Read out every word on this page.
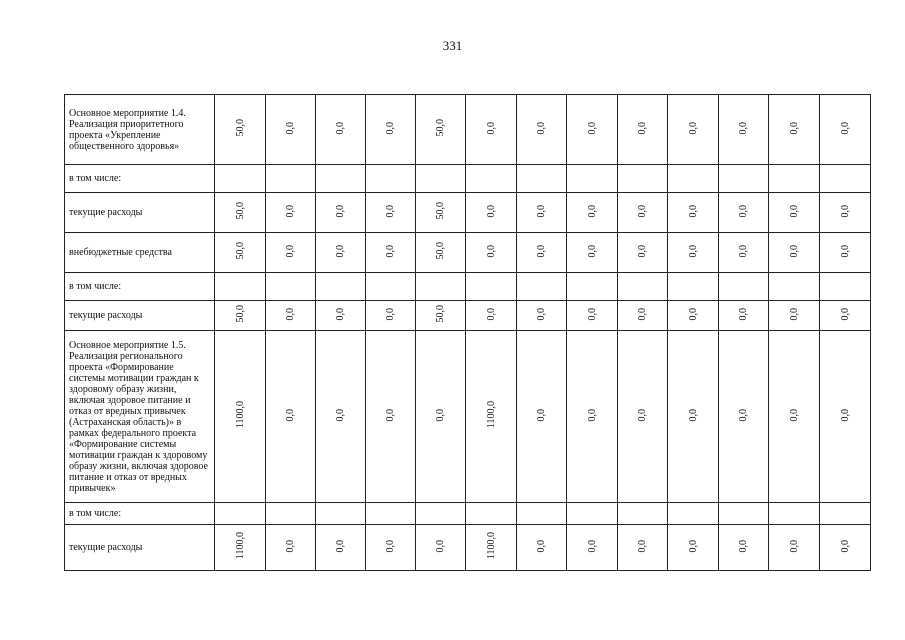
331
Основное мероприятие 1.4. Реализация приоритетного проекта «Укрепление общественного здоровья»	50,0	0,0	0,0	0,0	50,0	0,0	0,0	0,0	0,0	0,0	0,0	0,0	0,0
в том числе:													
текущие расходы	50,0	0,0	0,0	0,0	50,0	0,0	0,0	0,0	0,0	0,0	0,0	0,0	0,0
внебюджетные средства	50,0	0,0	0,0	0,0	50,0	0,0	0,0	0,0	0,0	0,0	0,0	0,0	0,0
в том числе:													
текущие расходы	50,0	0,0	0,0	0,0	50,0	0,0	0,0	0,0	0,0	0,0	0,0	0,0	0,0
Основное мероприятие 1.5. Реализация регионального проекта «Формирование системы мотивации граждан к здоровому образу жизни, включая здоровое питание и отказ от вредных привычек (Астраханская область)» в рамках федерального проекта «Формирование системы мотивации граждан к здоровому образу жизни, включая здоровое питание и отказ от вредных привычек»	1100,0	0,0	0,0	0,0	0,0	1100,0	0,0	0,0	0,0	0,0	0,0	0,0	0,0
в том числе:													
текущие расходы	1100,0	0,0	0,0	0,0	0,0	1100,0	0,0	0,0	0,0	0,0	0,0	0,0	0,0
